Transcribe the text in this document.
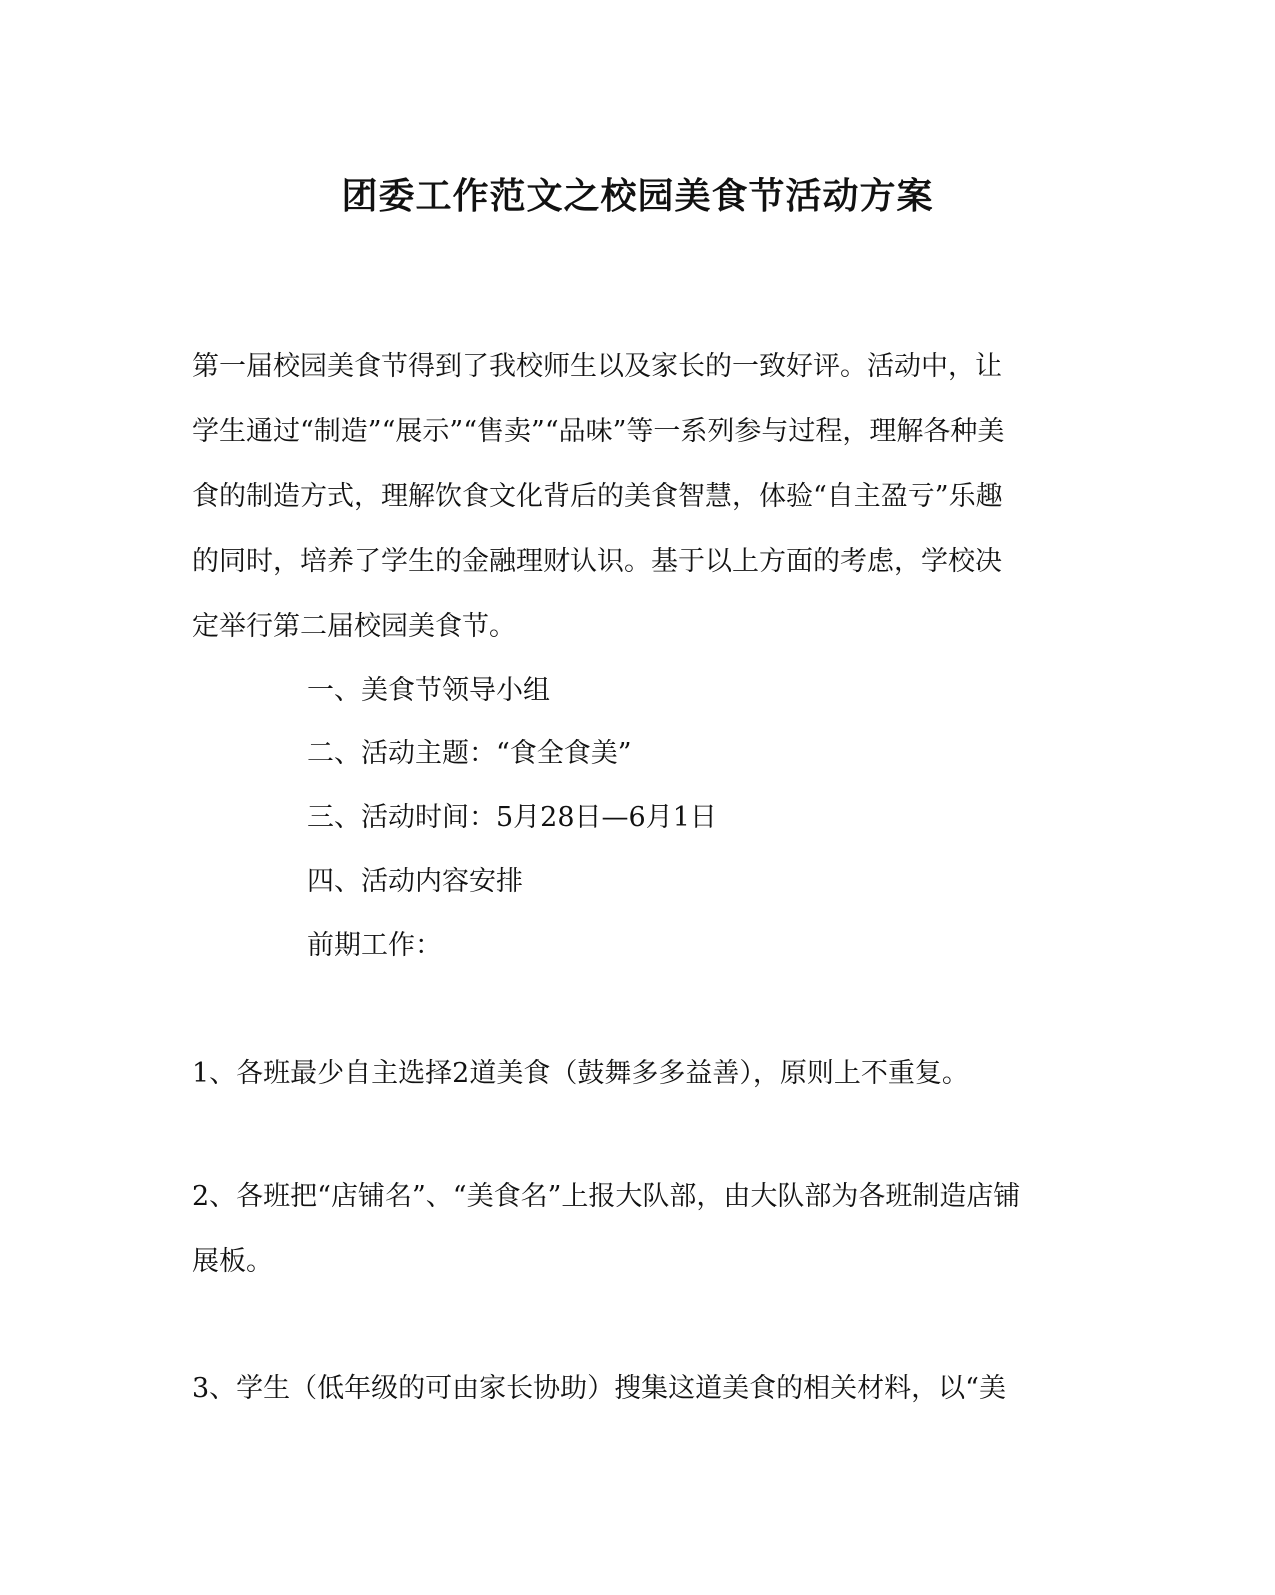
团委工作范文之校园美食节活动方案
第一届校园美食节得到了我校师生以及家长的一致好评。活动中，让
学生通过“制造”“展示”“售卖”“品味”等一系列参与过程，理解各种美
食的制造方式，理解饮食文化背后的美食智慧，体验“自主盈亏”乐趣
的同时，培养了学生的金融理财认识。基于以上方面的考虑，学校决
定举行第二届校园美食节。

一、美食节领导小组

二、活动主题：“食全食美”

三、活动时间：5月28日—6月1日

四、活动内容安排

前期工作：

1、各班最少自主选择2道美食（鼓舞多多益善），原则上不重复。

2、各班把“店铺名”、“美食名”上报大队部，由大队部为各班制造店铺
展板。
3、学生（低年级的可由家长协助）搜集这道美食的相关材料，以“美
